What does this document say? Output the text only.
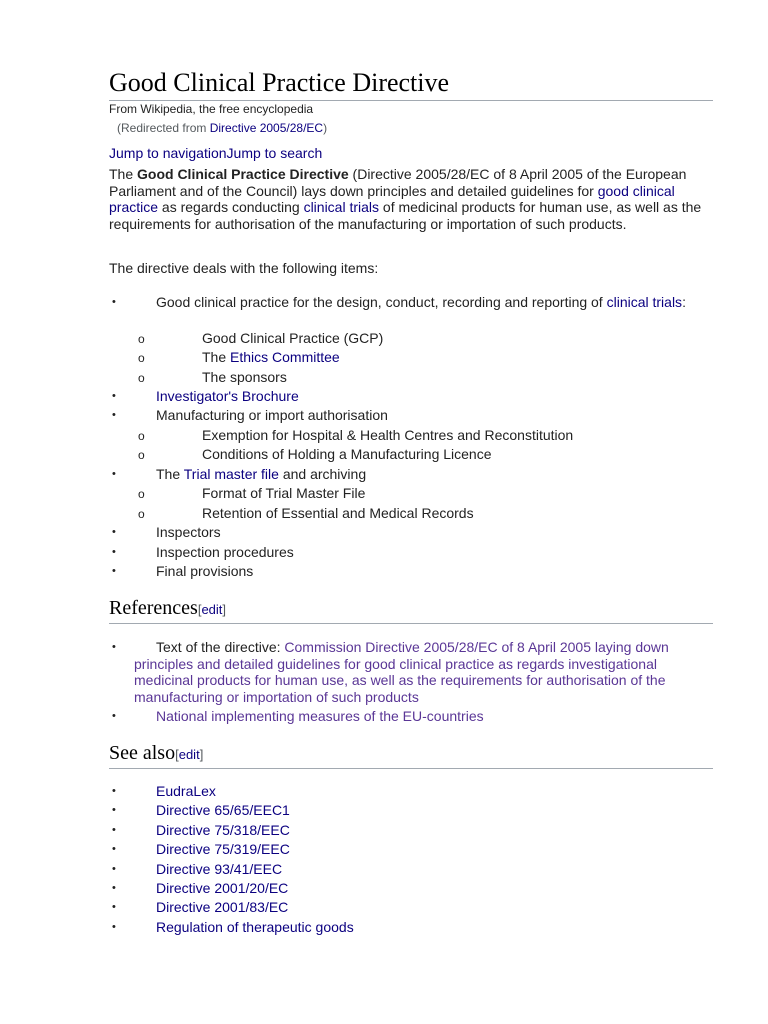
Good Clinical Practice Directive
From Wikipedia, the free encyclopedia
(Redirected from Directive 2005/28/EC)
Jump to navigationJump to search

The Good Clinical Practice Directive (Directive 2005/28/EC of 8 April 2005 of the European Parliament and of the Council) lays down principles and detailed guidelines for good clinical practice as regards conducting clinical trials of medicinal products for human use, as well as the requirements for authorisation of the manufacturing or importation of such products.

The directive deals with the following items:

•	Good clinical practice for the design, conduct, recording and reporting of clinical trials:
o	Good Clinical Practice (GCP)
o	The Ethics Committee
o	The sponsors
•	Investigator's Brochure
•	Manufacturing or import authorisation
o	Exemption for Hospital & Health Centres and Reconstitution
o	Conditions of Holding a Manufacturing Licence
•	The Trial master file and archiving
o	Format of Trial Master File
o	Retention of Essential and Medical Records
•	Inspectors
•	Inspection procedures
•	Final provisions
References[edit]
•	Text of the directive: Commission Directive 2005/28/EC of 8 April 2005 laying down principles and detailed guidelines for good clinical practice as regards investigational medicinal products for human use, as well as the requirements for authorisation of the manufacturing or importation of such products
•	National implementing measures of the EU-countries
See also[edit]
•	EudraLex
•	Directive 65/65/EEC1
•	Directive 75/318/EEC
•	Directive 75/319/EEC
•	Directive 93/41/EEC
•	Directive 2001/20/EC
•	Directive 2001/83/EC
•	Regulation of therapeutic goods
